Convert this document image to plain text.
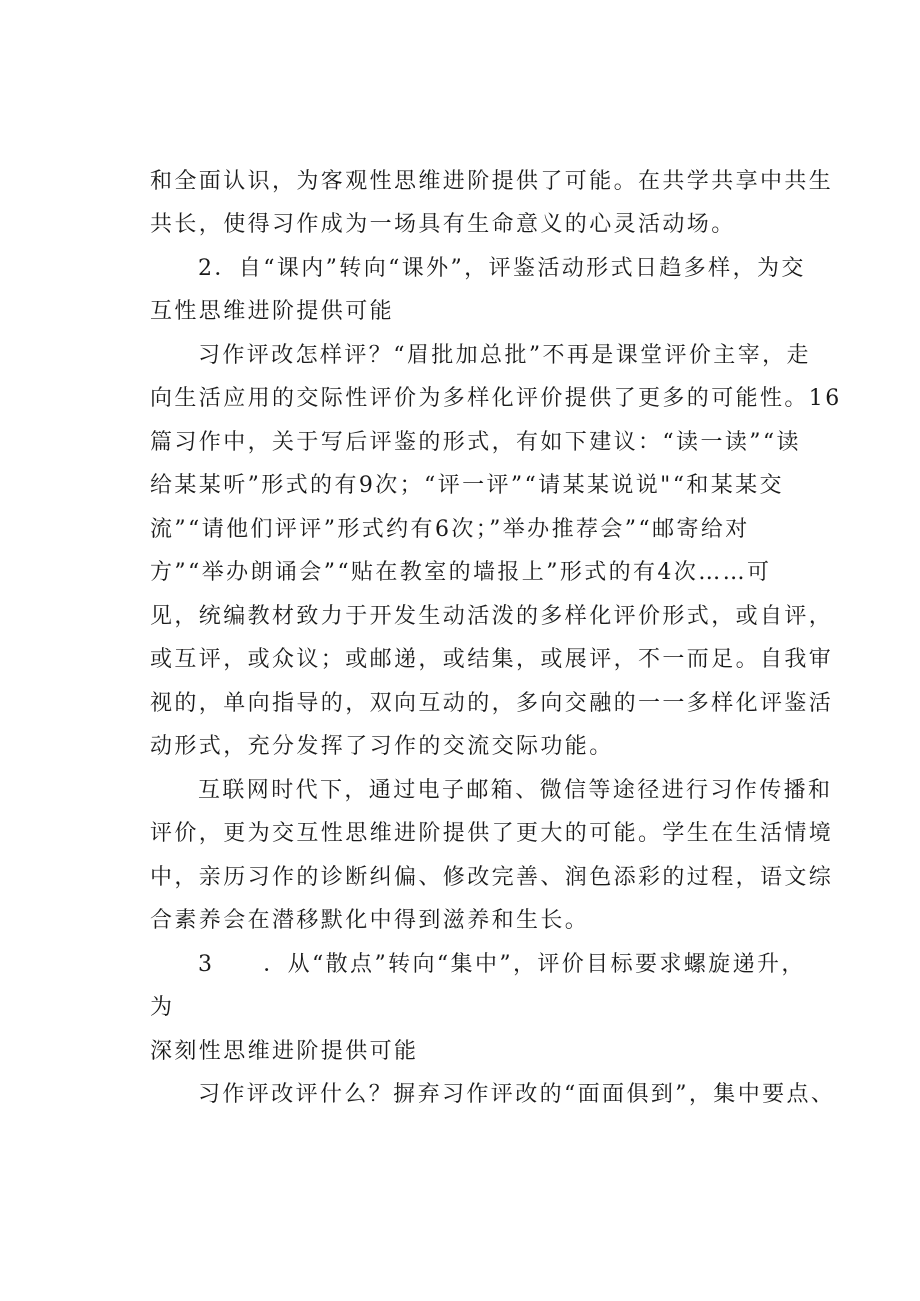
和全面认识，为客观性思维进阶提供了可能。在共学共享中共生

共长，使得习作成为一场具有生命意义的心灵活动场。

2．自“课内”转向“课外”，评鉴活动形式日趋多样，为交

互性思维进阶提供可能

习作评改怎样评？“眉批加总批”不再是课堂评价主宰，走

向生活应用的交际性评价为多样化评价提供了更多的可能性。16

篇习作中，关于写后评鉴的形式，有如下建议：“读一读”“读

给某某听”形式的有9次；“评一评”“请某某说说"“和某某交

流”“请他们评评”形式约有6次；”举办推荐会”“邮寄给对

方”“举办朗诵会”“贴在教室的墙报上”形式的有4次……可

见，统编教材致力于开发生动活泼的多样化评价形式，或自评，

或互评，或众议；或邮递，或结集，或展评，不一而足。自我审

视的，单向指导的，双向互动的，多向交融的一一多样化评鉴活

动形式，充分发挥了习作的交流交际功能。

互联网时代下，通过电子邮箱、微信等途径进行习作传播和

评价，更为交互性思维进阶提供了更大的可能。学生在生活情境

中，亲历习作的诊断纠偏、修改完善、润色添彩的过程，语文综

合素养会在潜移默化中得到滋养和生长。

3　　．从“散点”转向“集中”，评价目标要求螺旋递升，

为

深刻性思维进阶提供可能

习作评改评什么？摒弃习作评改的“面面俱到”，集中要点、
